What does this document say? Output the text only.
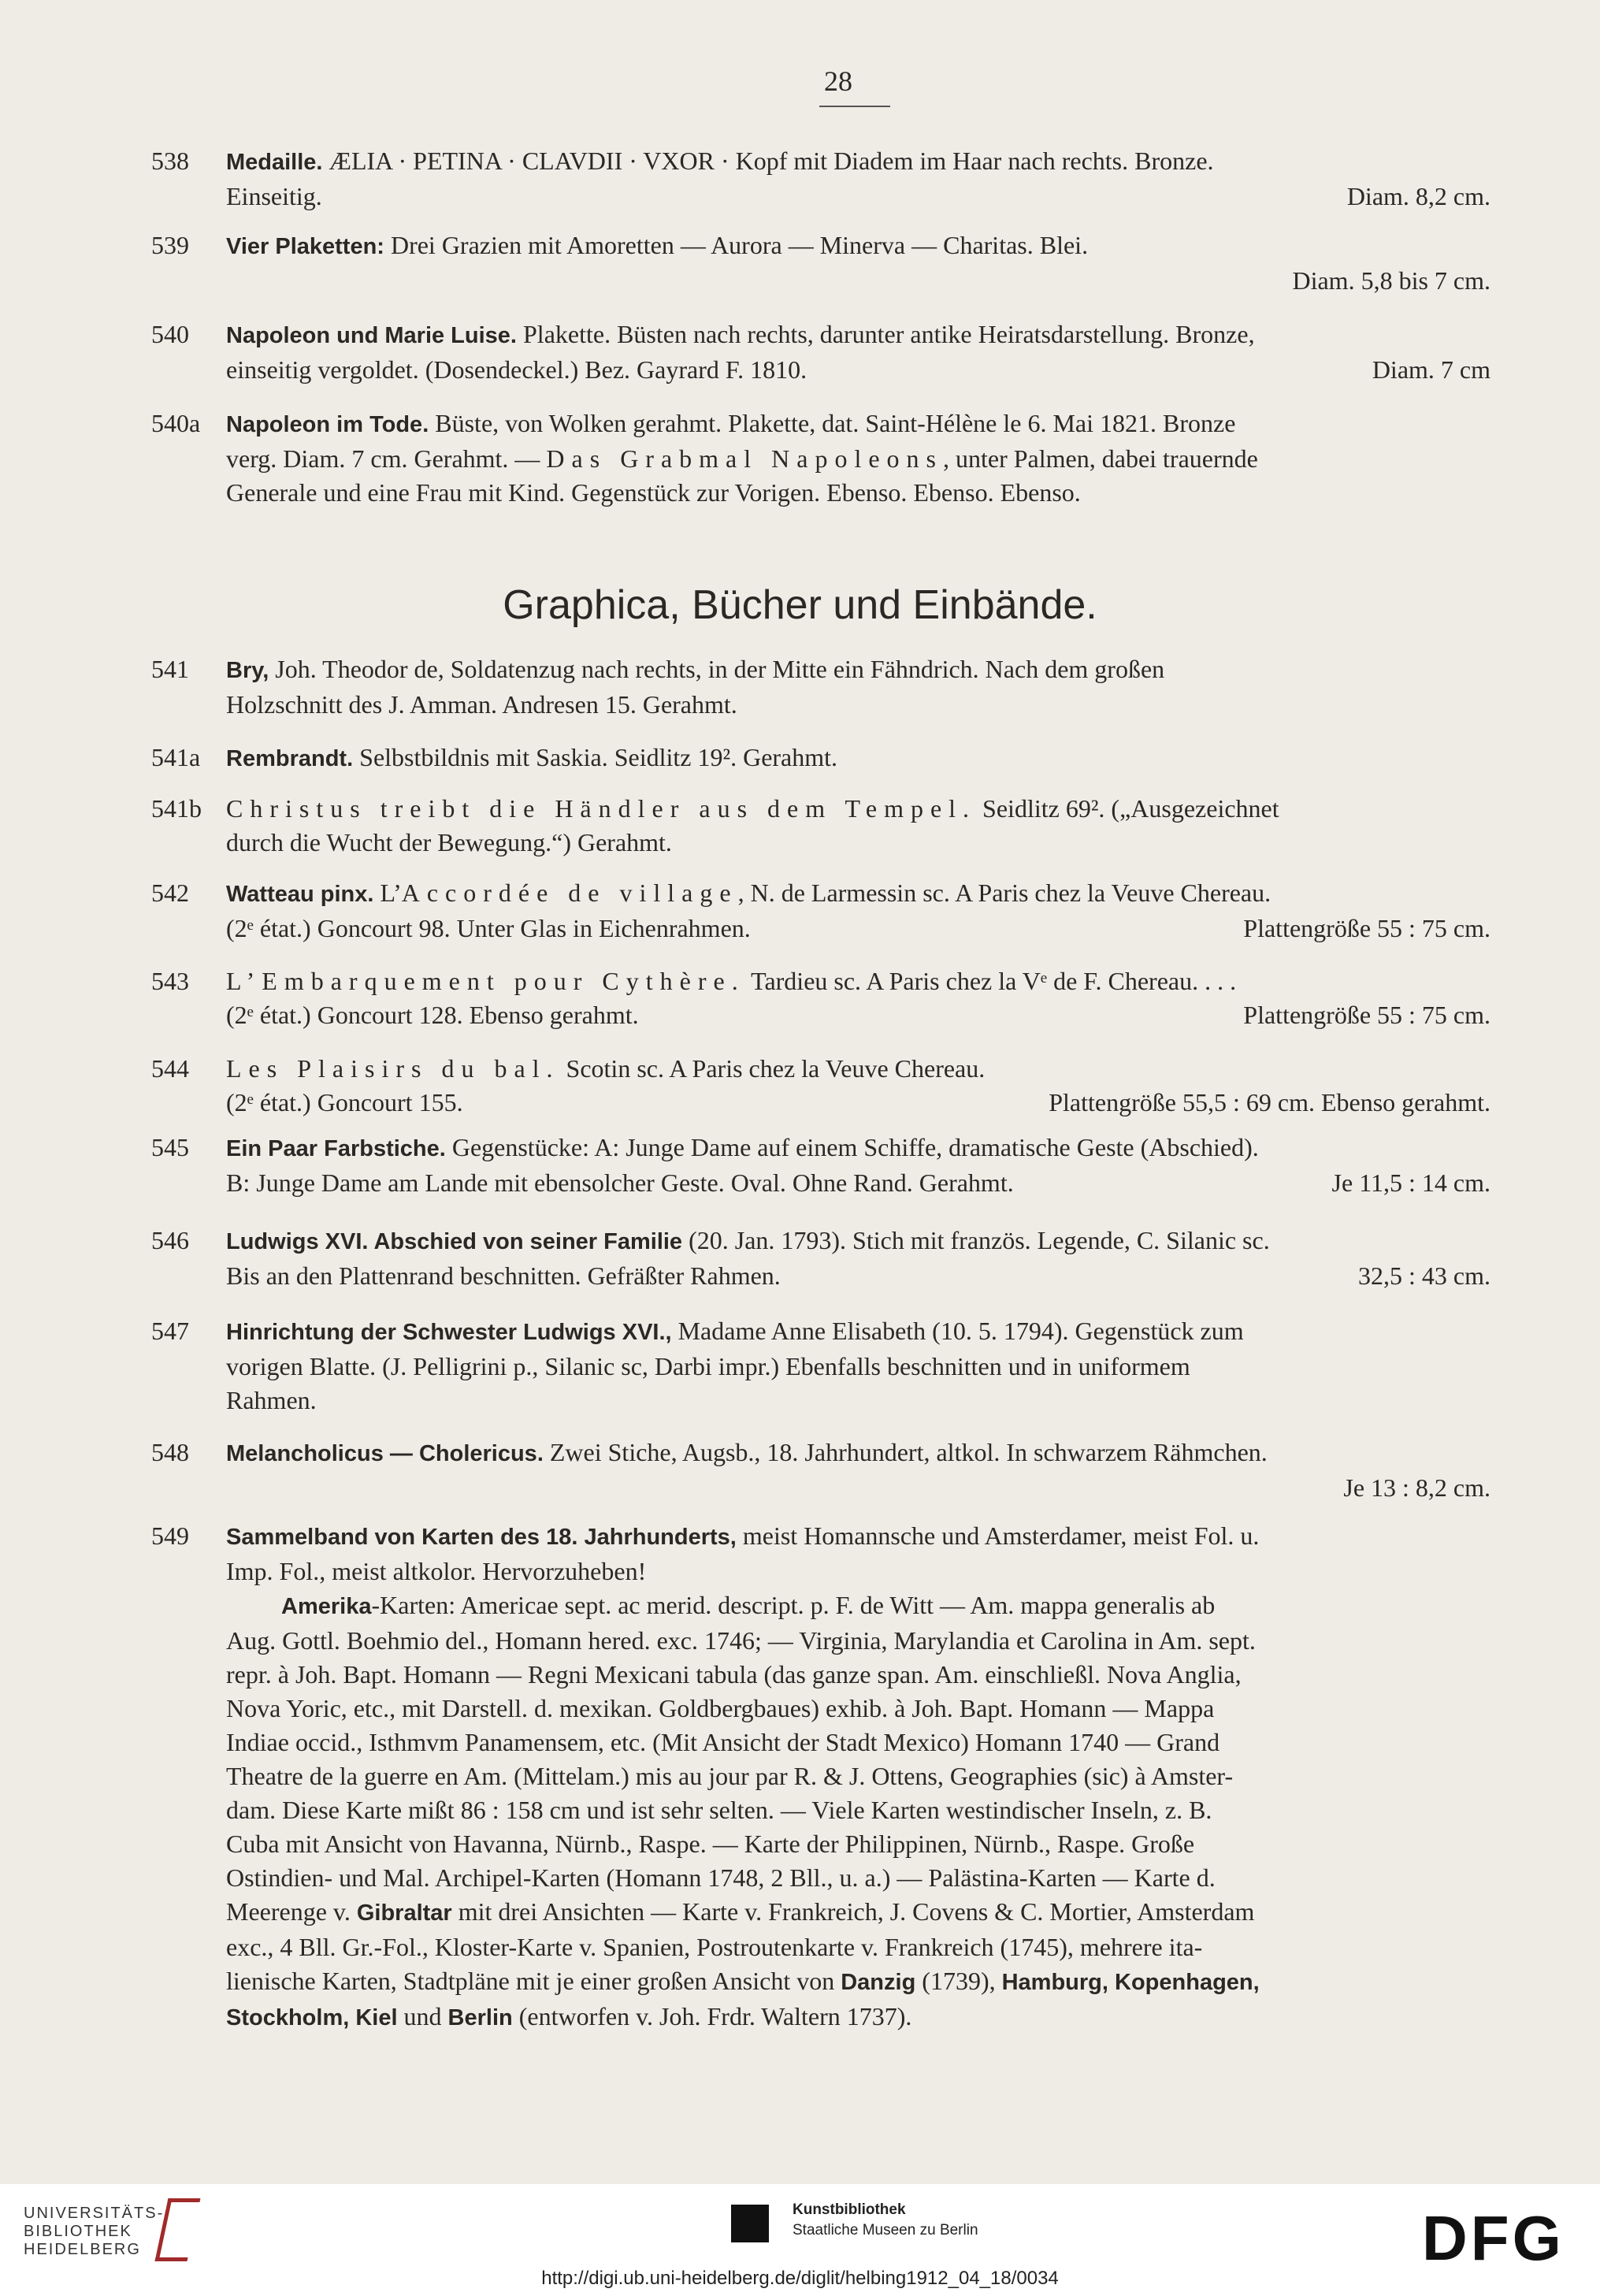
28
538	Medaille. ÆLIA · PETINA · CLAVDII · VXOR · Kopf mit Diadem im Haar nach rechts. Bronze.
Einseitig.	Diam. 8,2 cm.
539	Vier Plaketten: Drei Grazien mit Amoretten — Aurora — Minerva — Charitas. Blei.

Diam. 5,8 bis 7 cm.
540	Napoleon und Marie Luise. Plakette. Büsten nach rechts, darunter antike Heiratsdarstellung. Bronze,
einseitig vergoldet. (Dosendeckel.) Bez. Gayrard F. 1810.	Diam. 7 cm
540a	Napoleon im Tode. Büste, von Wolken gerahmt. Plakette, dat. Saint-Hélène le 6. Mai 1821. Bronze
verg. Diam. 7 cm. Gerahmt. — Das Grabmal Napoleons, unter Palmen, dabei trauernde
Generale und eine Frau mit Kind. Gegenstück zur Vorigen. Ebenso. Ebenso. Ebenso.
Graphica, Bücher und Einbände.
541	Bry, Joh. Theodor de, Soldatenzug nach rechts, in der Mitte ein Fähndrich. Nach dem großen
Holzschnitt des J. Amman. Andresen 15. Gerahmt.
541a	Rembrandt. Selbstbildnis mit Saskia. Seidlitz 19². Gerahmt.
541b Christus treibt die Händler aus dem Tempel. Seidlitz 69². („Ausgezeichnet
durch die Wucht der Bewegung.“) Gerahmt.
542	Watteau pinx. L’Accordée de village, N. de Larmessin sc. A Paris chez la Veuve Chereau.
(2ᵉ état.) Goncourt 98. Unter Glas in Eichenrahmen.	Plattengröße 55 : 75 cm.
543	L’Embarquement pour Cythère. Tardieu sc. A Paris chez la Vᵉ de F. Chereau. . . .
(2ᵉ état.) Goncourt 128. Ebenso gerahmt.	Plattengröße 55 : 75 cm.
544	Les Plaisirs du bal. Scotin sc. A Paris chez la Veuve Chereau.
(2ᵉ état.) Goncourt 155.	Plattengröße 55,5 : 69 cm. Ebenso gerahmt.
545	Ein Paar Farbstiche. Gegenstücke: A: Junge Dame auf einem Schiffe, dramatische Geste (Abschied).
B: Junge Dame am Lande mit ebensolcher Geste. Oval. Ohne Rand. Gerahmt.	Je 11,5 : 14 cm.
546	Ludwigs XVI. Abschied von seiner Familie (20. Jan. 1793). Stich mit französ. Legende, C. Silanic sc.
Bis an den Plattenrand beschnitten. Gefräßter Rahmen.	32,5 : 43 cm.
547	Hinrichtung der Schwester Ludwigs XVI., Madame Anne Elisabeth (10. 5. 1794). Gegenstück zum
vorigen Blatte. (J. Pelligrini p., Silanic sc, Darbi impr.) Ebenfalls beschnitten und in uniformem
Rahmen.
548	Melancholicus — Cholericus. Zwei Stiche, Augsb., 18. Jahrhundert, altkol. In schwarzem Rähmchen.

Je 13 : 8,2 cm.
549	Sammelband von Karten des 18. Jahrhunderts, meist Homannsche und Amsterdamer, meist Fol. u.
Imp. Fol., meist altkolor. Hervorzuheben!
Amerika-Karten: Americae sept. ac merid. descript. p. F. de Witt — Am. mappa generalis ab
Aug. Gottl. Boehmio del., Homann hered. exc. 1746; — Virginia, Marylandia et Carolina in Am. sept.
repr. à Joh. Bapt. Homann — Regni Mexicani tabula (das ganze span. Am. einschließl. Nova Anglia,
Nova Yoric, etc., mit Darstell. d. mexikan. Goldbergbaues) exhib. à Joh. Bapt. Homann — Mappa
Indiae occid., Isthmvm Panamensem, etc. (Mit Ansicht der Stadt Mexico) Homann 1740 — Grand
Theatre de la guerre en Am. (Mittelam.) mis au jour par R. & J. Ottens, Geographies (sic) à Amster-
dam. Diese Karte mißt 86 : 158 cm und ist sehr selten. — Viele Karten westindischer Inseln, z. B.
Cuba mit Ansicht von Havanna, Nürnb., Raspe. — Karte der Philippinen, Nürnb., Raspe. Große
Ostindien- und Mal. Archipel-Karten (Homann 1748, 2 Bll., u. a.) — Palästina-Karten — Karte d.
Meerenge v. Gibraltar mit drei Ansichten — Karte v. Frankreich, J. Covens & C. Mortier, Amsterdam
exc., 4 Bll. Gr.-Fol., Kloster-Karte v. Spanien, Postroutenkarte v. Frankreich (1745), mehrere ita-
lienische Karten, Stadtpläne mit je einer großen Ansicht von Danzig (1739), Hamburg, Kopenhagen,
Stockholm, Kiel und Berlin (entworfen v. Joh. Frdr. Waltern 1737).
UNIVERSITÄTS-
BIBLIOTHEK
HEIDELBERG
Kunstbibliothek
Staatliche Museen zu Berlin	DFG
http://digi.ub.uni-heidelberg.de/diglit/helbing1912_04_18/0034
